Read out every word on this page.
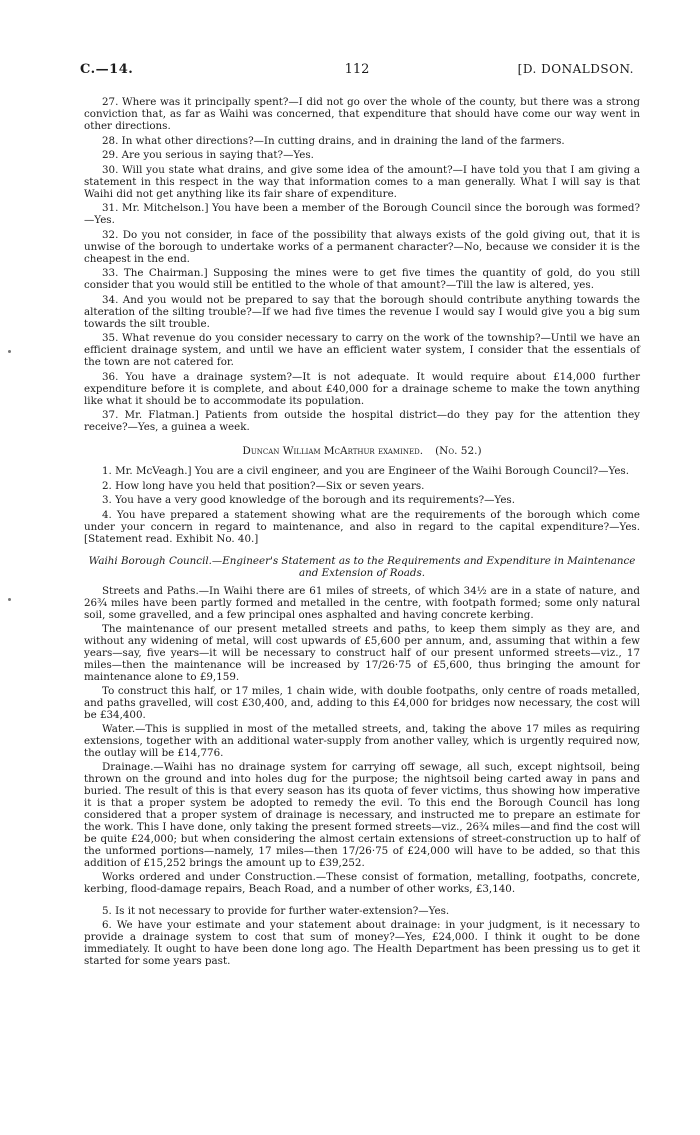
C.—14.	112	[D. DONALDSON.

27. Where was it principally spent?—I did not go over the whole of the county, but there was a strong conviction that, as far as Waihi was concerned, that expenditure that should have come our way went in other directions.

28. In what other directions?—In cutting drains, and in draining the land of the farmers.

29. Are you serious in saying that?—Yes.

30. Will you state what drains, and give some idea of the amount?—I have told you that I am giving a statement in this respect in the way that information comes to a man generally. What I will say is that Waihi did not get anything like its fair share of expenditure.

31. Mr. Mitchelson.] You have been a member of the Borough Council since the borough was formed?—Yes.

32. Do you not consider, in face of the possibility that always exists of the gold giving out, that it is unwise of the borough to undertake works of a permanent character?—No, because we consider it is the cheapest in the end.

33. The Chairman.] Supposing the mines were to get five times the quantity of gold, do you still consider that you would still be entitled to the whole of that amount?—Till the law is altered, yes.

34. And you would not be prepared to say that the borough should contribute anything towards the alteration of the silting trouble?—If we had five times the revenue I would say I would give you a big sum towards the silt trouble.

35. What revenue do you consider necessary to carry on the work of the township?—Until we have an efficient drainage system, and until we have an efficient water system, I consider that the essentials of the town are not catered for.

36. You have a drainage system?—It is not adequate. It would require about £14,000 further expenditure before it is complete, and about £40,000 for a drainage scheme to make the town anything like what it should be to accommodate its population.

37. Mr. Flatman.] Patients from outside the hospital district—do they pay for the attention they receive?—Yes, a guinea a week.

Duncan William McArthur examined. (No. 52.)

1. Mr. McVeagh.] You are a civil engineer, and you are Engineer of the Waihi Borough Council?—Yes.

2. How long have you held that position?—Six or seven years.

3. You have a very good knowledge of the borough and its requirements?—Yes.

4. You have prepared a statement showing what are the requirements of the borough which come under your concern in regard to maintenance, and also in regard to the capital expenditure?—Yes. [Statement read. Exhibit No. 40.]

Waihi Borough Council.—Engineer's Statement as to the Requirements and Expenditure in Maintenance and Extension of Roads.

Streets and Paths.—In Waihi there are 61 miles of streets, of which 34½ are in a state of nature, and 26¾ miles have been partly formed and metalled in the centre, with footpath formed; some only natural soil, some gravelled, and a few principal ones asphalted and having concrete kerbing.

The maintenance of our present metalled streets and paths, to keep them simply as they are, and without any widening of metal, will cost upwards of £5,600 per annum, and, assuming that within a few years—say, five years—it will be necessary to construct half of our present unformed streets—viz., 17 miles—then the maintenance will be increased by 17/26·75 of £5,600, thus bringing the amount for maintenance alone to £9,159.

To construct this half, or 17 miles, 1 chain wide, with double footpaths, only centre of roads metalled, and paths gravelled, will cost £30,400, and, adding to this £4,000 for bridges now necessary, the cost will be £34,400.

Water.—This is supplied in most of the metalled streets, and, taking the above 17 miles as requiring extensions, together with an additional water-supply from another valley, which is urgently required now, the outlay will be £14,776.

Drainage.—Waihi has no drainage system for carrying off sewage, all such, except nightsoil, being thrown on the ground and into holes dug for the purpose; the nightsoil being carted away in pans and buried. The result of this is that every season has its quota of fever victims, thus showing how imperative it is that a proper system be adopted to remedy the evil. To this end the Borough Council has long considered that a proper system of drainage is necessary, and instructed me to prepare an estimate for the work. This I have done, only taking the present formed streets—viz., 26¾ miles—and find the cost will be quite £24,000; but when considering the almost certain extensions of street-construction up to half of the unformed portions—namely, 17 miles—then 17/26·75 of £24,000 will have to be added, so that this addition of £15,252 brings the amount up to £39,252.

Works ordered and under Construction.—These consist of formation, metalling, footpaths, concrete, kerbing, flood-damage repairs, Beach Road, and a number of other works, £3,140.

5. Is it not necessary to provide for further water-extension?—Yes.

6. We have your estimate and your statement about drainage: in your judgment, is it necessary to provide a drainage system to cost that sum of money?—Yes, £24,000. I think it ought to be done immediately. It ought to have been done long ago. The Health Department has been pressing us to get it started for some years past.
